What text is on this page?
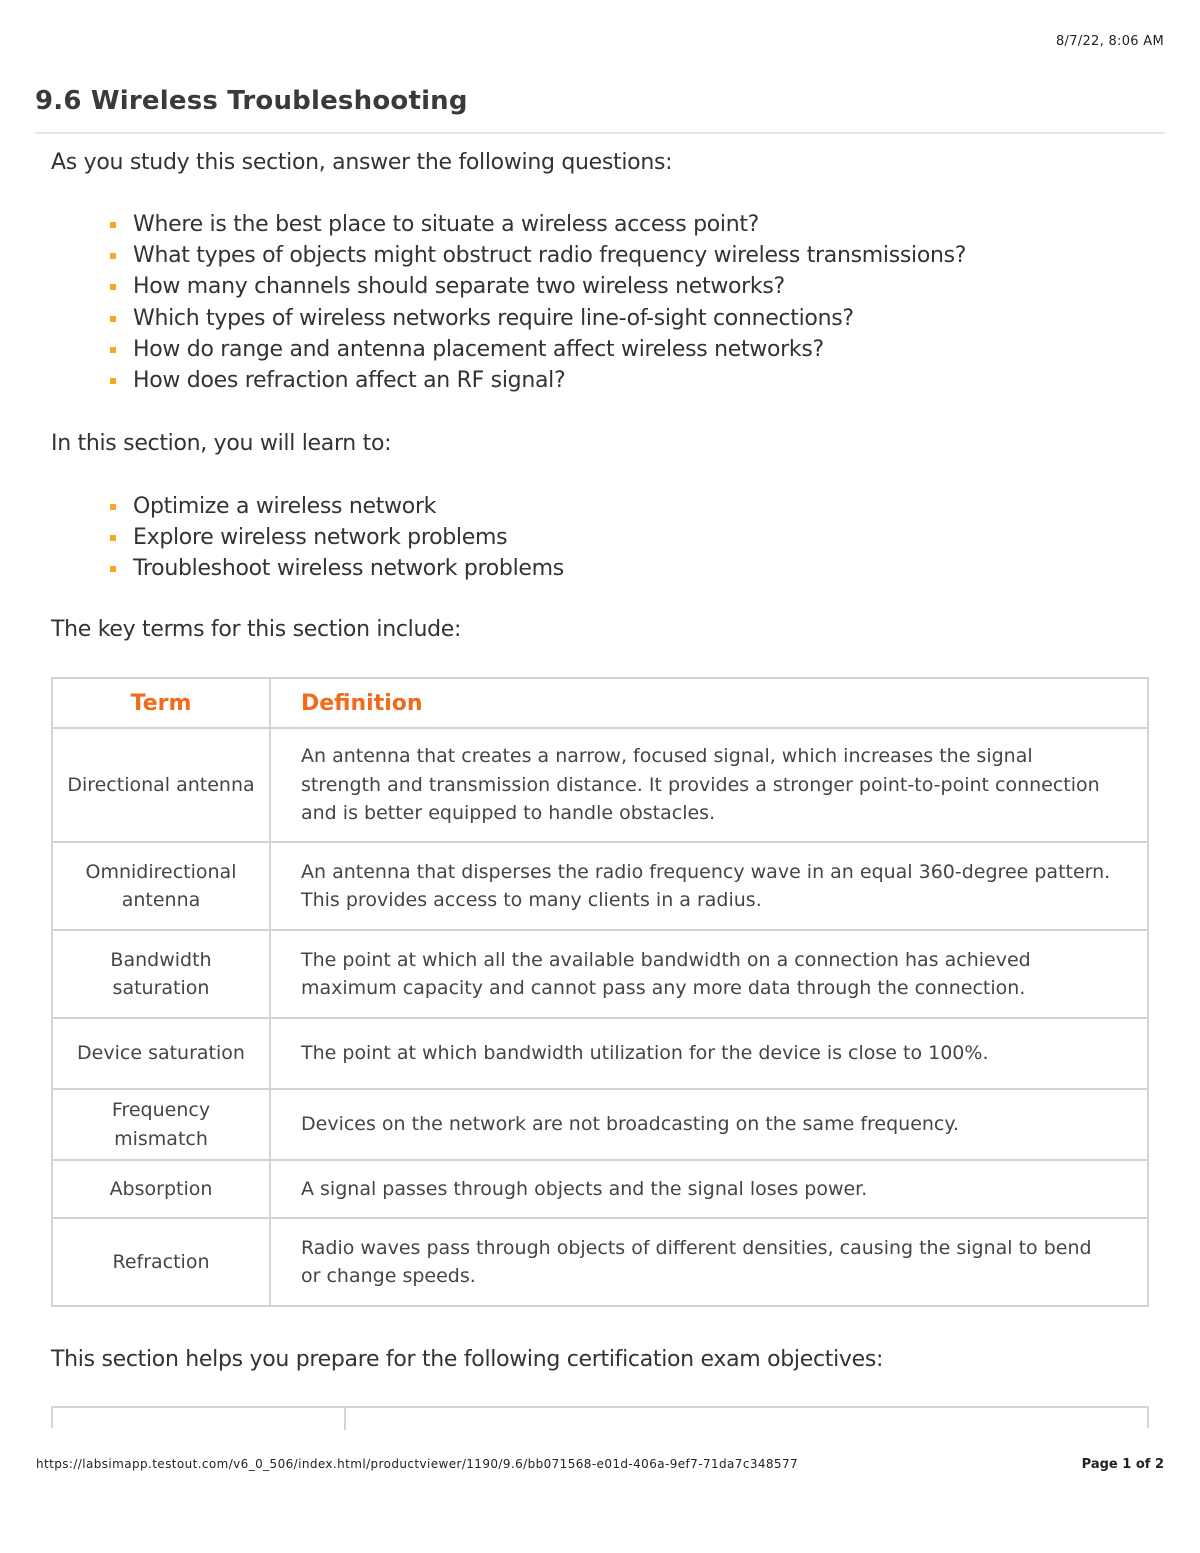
8/7/22, 8:06 AM
9.6 Wireless Troubleshooting

As you study this section, answer the following questions:

Where is the best place to situate a wireless access point?
What types of objects might obstruct radio frequency wireless transmissions?
How many channels should separate two wireless networks?
Which types of wireless networks require line-of-sight connections?
How do range and antenna placement affect wireless networks?
How does refraction affect an RF signal?

In this section, you will learn to:

Optimize a wireless network
Explore wireless network problems
Troubleshoot wireless network problems

The key terms for this section include:

Term	Definition
Directional antenna	An antenna that creates a narrow, focused signal, which increases the signal strength and transmission distance. It provides a stronger point-to-point connection and is better equipped to handle obstacles.
Omnidirectional antenna	An antenna that disperses the radio frequency wave in an equal 360-degree pattern. This provides access to many clients in a radius.
Bandwidth saturation	The point at which all the available bandwidth on a connection has achieved maximum capacity and cannot pass any more data through the connection.
Device saturation	The point at which bandwidth utilization for the device is close to 100%.
Frequency mismatch	Devices on the network are not broadcasting on the same frequency.
Absorption	A signal passes through objects and the signal loses power.
Refraction	Radio waves pass through objects of different densities, causing the signal to bend or change speeds.

This section helps you prepare for the following certification exam objectives:

https://labsimapp.testout.com/v6_0_506/index.html/productviewer/1190/9.6/bb071568-e01d-406a-9ef7-71da7c348577	Page 1 of 2
